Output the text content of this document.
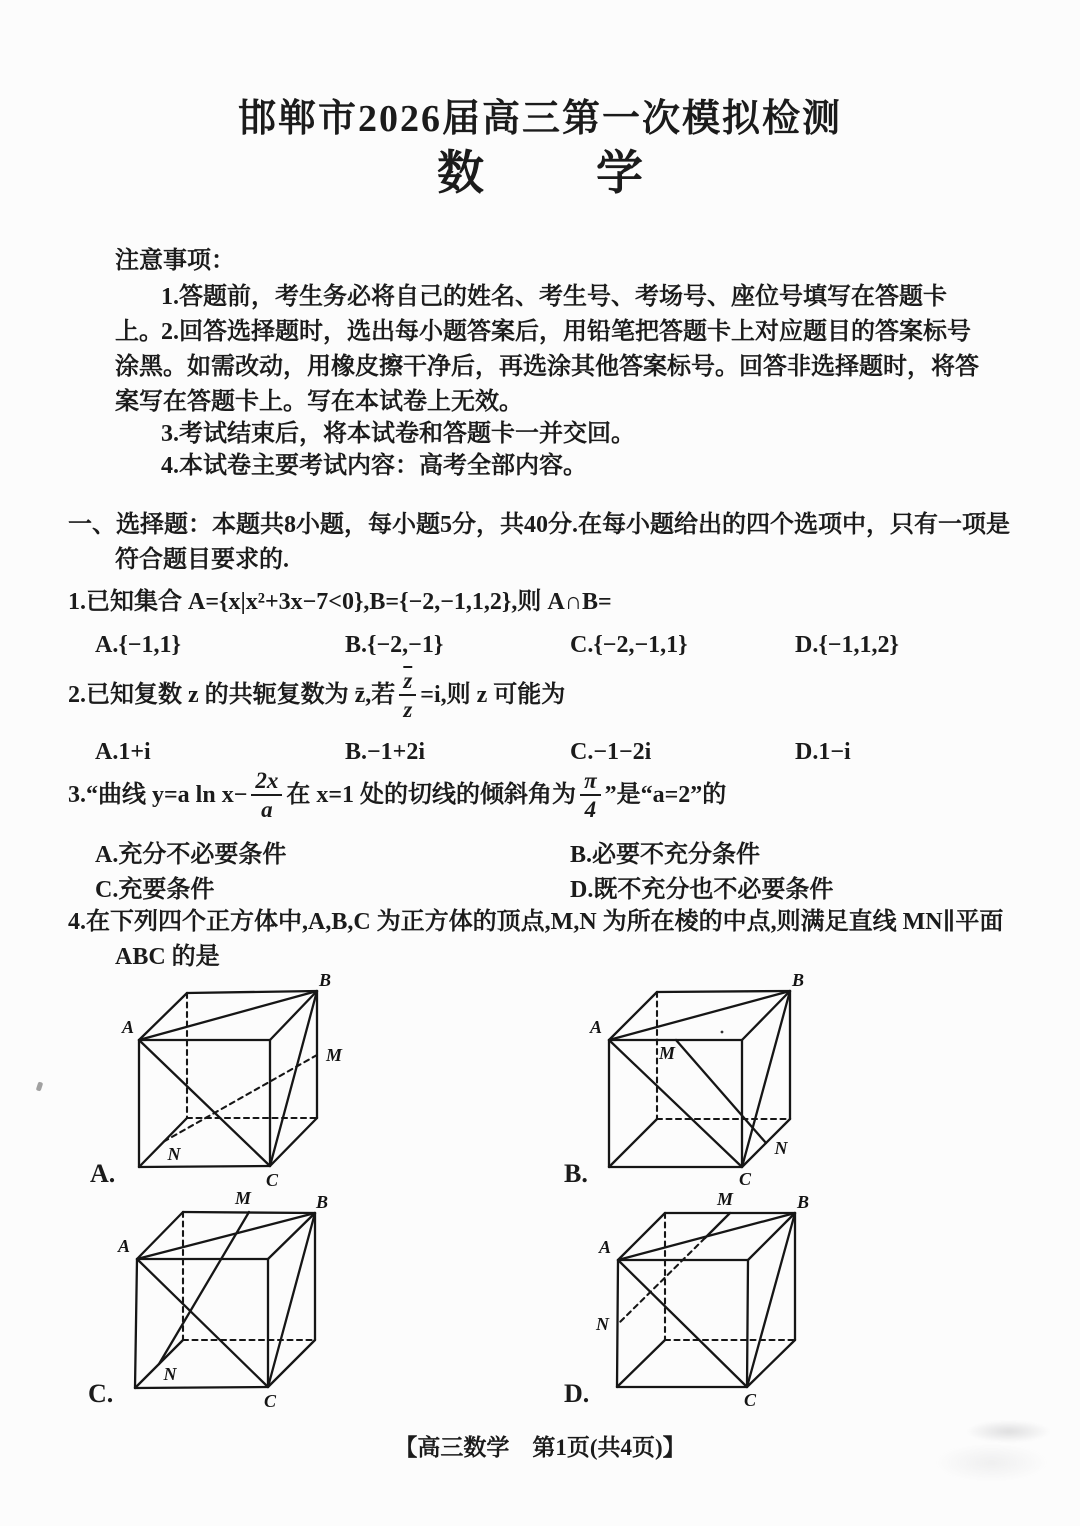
邯郸市2026届高三第一次模拟检测
数 学
注意事项：
1.答题前，考生务必将自己的姓名、考生号、考场号、座位号填写在答题卡上。
2.回答选择题时，选出每小题答案后，用铅笔把答题卡上对应题目的答案标号涂黑。如需改动，用橡皮擦干净后，再选涂其他答案标号。回答非选择题时，将答案写在答题卡上。写在本试卷上无效。
3.考试结束后，将本试卷和答题卡一并交回。
4.本试卷主要考试内容：高考全部内容。
一、选择题：本题共8小题，每小题5分，共40分.在每小题给出的四个选项中，只有一项是符合题目要求的.
1.已知集合 A={x|x²+3x−7<0},B={−2,−1,1,2},则 A∩B=
A.{−1,1}	B.{−2,−1}	C.{−2,−1,1}	D.{−1,1,2}
2.已知复数 z 的共轭复数为 z̄,若 $\frac{\overline{z}}{z} =i$,则 z 可能为
A.1+i	B.−1+2i	C.−1−2i	D.1−i
3.“曲线 y=a $\ln x- \frac{2x}{a}$ 在 x=1 处的切线的倾斜角为 $\frac{\pi}{4}$ ”是“a=2”的
A.充分不必要条件	B.必要不充分条件
C.充要条件	D.既不充分也不必要条件
4.在下列四个正方体中,A,B,C 为正方体的顶点,M,N 为所在棱的中点,则满足直线 MN∥平面 ABC 的是
A
B
C
M
N
A.
A
B
C
M
N
B.
A
B
C
M
N
C.
A
B
C
M
N
D.
【高三数学　第1页(共4页)】
